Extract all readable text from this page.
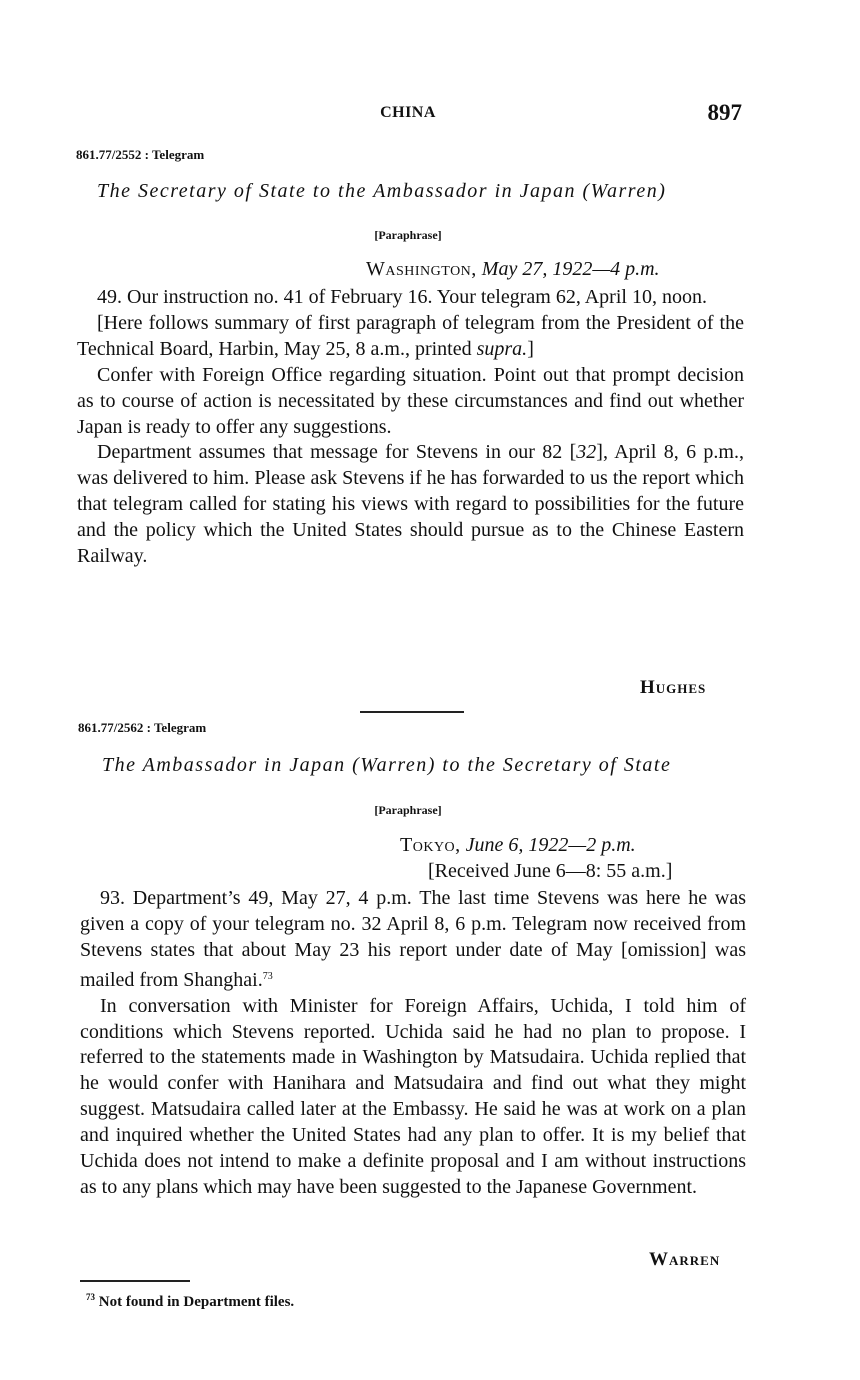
CHINA	897
861.77/2552 : Telegram
The Secretary of State to the Ambassador in Japan (Warren)
[Paraphrase]
Washington, May 27, 1922—4 p.m.

49. Our instruction no. 41 of February 16. Your telegram 62, April 10, noon.

[Here follows summary of first paragraph of telegram from the President of the Technical Board, Harbin, May 25, 8 a.m., printed supra.]

Confer with Foreign Office regarding situation. Point out that prompt decision as to course of action is necessitated by these circumstances and find out whether Japan is ready to offer any suggestions.

Department assumes that message for Stevens in our 82 [32], April 8, 6 p.m., was delivered to him. Please ask Stevens if he has forwarded to us the report which that telegram called for stating his views with regard to possibilities for the future and the policy which the United States should pursue as to the Chinese Eastern Railway.

Hughes
861.77/2562 : Telegram
The Ambassador in Japan (Warren) to the Secretary of State
[Paraphrase]
Tokyo, June 6, 1922—2 p.m.
[Received June 6—8: 55 a.m.]

93. Department’s 49, May 27, 4 p.m. The last time Stevens was here he was given a copy of your telegram no. 32 April 8, 6 p.m. Telegram now received from Stevens states that about May 23 his report under date of May [omission] was mailed from Shanghai.$^{73}$

In conversation with Minister for Foreign Affairs, Uchida, I told him of conditions which Stevens reported. Uchida said he had no plan to propose. I referred to the statements made in Washington by Matsudaira. Uchida replied that he would confer with Hanihara and Matsudaira and find out what they might suggest. Matsudaira called later at the Embassy. He said he was at work on a plan and inquired whether the United States had any plan to offer. It is my belief that Uchida does not intend to make a definite proposal and I am without instructions as to any plans which may have been suggested to the Japanese Government.

Warren
$^{73}$ Not found in Department files.
